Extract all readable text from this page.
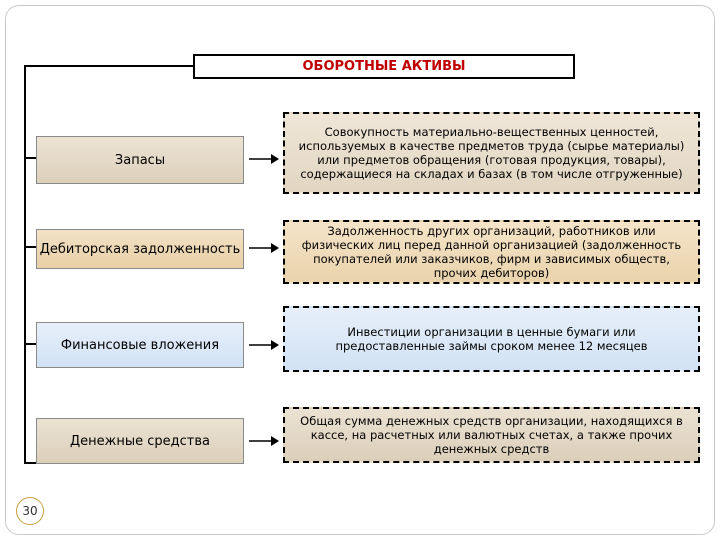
ОБОРОТНЫЕ АКТИВЫ
Запасы
Совокупность материально-вещественных ценностей, используемых в качестве предметов труда (сырье материалы) или предметов обращения (готовая продукция, товары), содержащиеся на складах и базах (в том числе отгруженные)
Дебиторская задолженность
Задолженность других организаций, работников или физических лиц перед данной организацией (задолженность покупателей или заказчиков, фирм и зависимых обществ, прочих дебиторов)
Финансовые вложения
Инвестиции организации в ценные бумаги или предоставленные займы сроком менее 12 месяцев
Денежные средства
Общая сумма денежных средств организации, находящихся в кассе, на расчетных или валютных счетах, а также прочих денежных средств
30
